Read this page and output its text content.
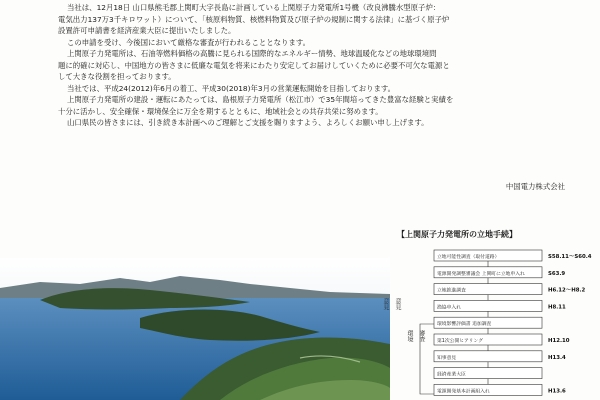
当社は、12月18日 山口県熊毛郡上関町大字長島に計画している上関原子力発電所1号機（改良沸騰水型原子炉：

電気出力137万3千キロワット）について、「核原料物質、核燃料物質及び原子炉の規制に関する法律」に基づく原子炉

設置許可申請書を経済産業大臣に提出いたしました。

この申請を受け、今後国において厳格な審査が行われることとなります。

上関原子力発電所は、石油等燃料価格の高騰に見られる国際的なエネルギー情勢、地球温暖化などの地球環境問

題に的確に対応し、中国地方の皆さまに低廉な電気を将来にわたり安定してお届けしていくために必要不可欠な電源と

して大きな役割を担っております。

当社では、平成24(2012)年6月の着工、平成30(2018)年3月の営業運転開始を目指しております。

上関原子力発電所の建設・運転にあたっては、島根原子力発電所（松江市）で35年間培ってきた豊富な経験と実績を

十分に活かし、安全確保・環境保全に万全を期するとともに、地域社会との共存共栄に努めます。

山口県民の皆さまには、引き続き本計画へのご理解とご支援を賜りますよう、よろしくお願い申し上げます。

中国電力株式会社
【上関原子力発電所の立地手続】
立地可能性調査（取付道路）	S58.11～S60.4
電源開発調整審議会 上関町に立地申入れ	S63.9
立地推進調査	H6.12～H8.2
漁協申入れ	H8.11
環境影響評価書 追加調査
第1次公開ヒアリング	H12.10
知事意見	H13.4
経済産業大臣
電源開発基本計画組入れ	H13.6
意見 意見
環境 審査
